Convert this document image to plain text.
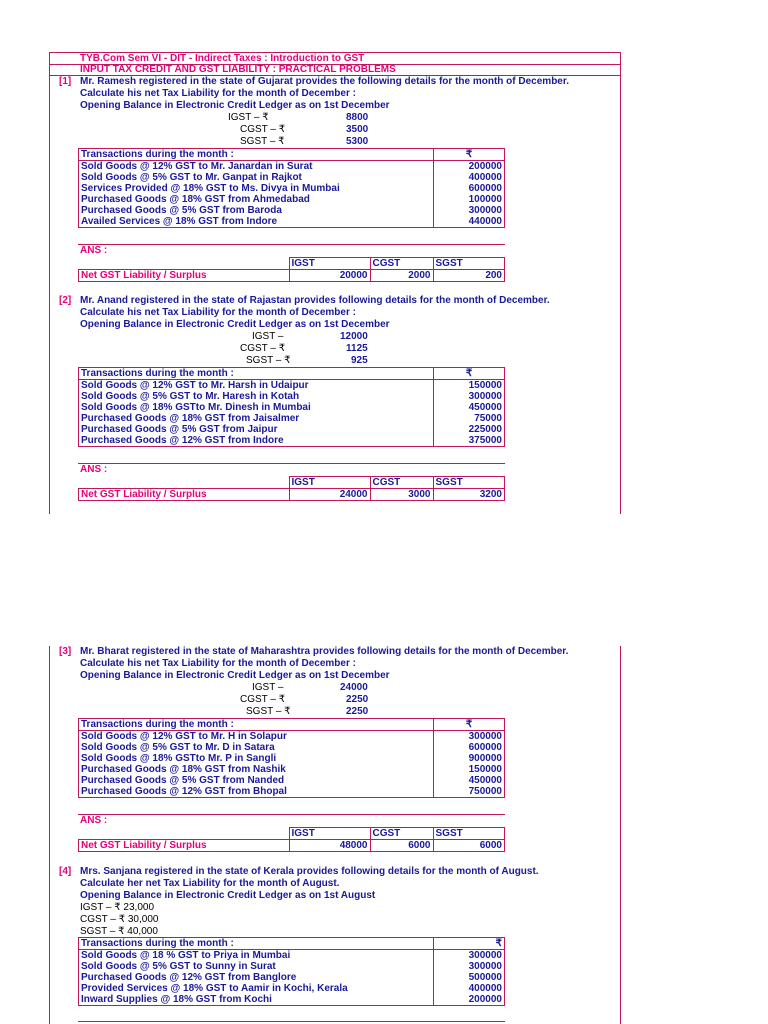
TYB.Com Sem VI - DIT - Indirect Taxes : Introduction to GST
INPUT TAX CREDIT AND GST LIABILITY : PRACTICAL PROBLEMS
[1] Mr. Ramesh registered in the state of Gujarat provides the following details for the month of December.
Calculate his net Tax Liability for the month of December :
Opening Balance in Electronic Credit Ledger as on 1st December
IGST – ₹	8800
CGST – ₹	3500
SGST – ₹	5300
Transactions during the month :	₹
Sold Goods @ 12% GST to Mr. Janardan in Surat	200000
Sold Goods @ 5% GST to Mr. Ganpat in Rajkot	400000
Services Provided @ 18% GST to Ms. Divya in Mumbai	600000
Purchased Goods @ 18% GST from Ahmedabad	100000
Purchased Goods @ 5% GST from Baroda	300000
Availed Services @ 18% GST from Indore	440000
ANS :
	IGST	CGST	SGST
Net GST Liability / Surplus	20000	2000	200
[2] Mr. Anand registered in the state of Rajastan provides following details for the month of December.
Calculate his net Tax Liability for the month of December :
Opening Balance in Electronic Credit Ledger as on 1st December
IGST –	12000
CGST – ₹	1125
SGST – ₹	925
Transactions during the month :	₹
Sold Goods @ 12% GST to Mr. Harsh in Udaipur	150000
Sold Goods @ 5% GST to Mr. Haresh in Kotah	300000
Sold Goods @ 18% GSTto Mr. Dinesh in Mumbai	450000
Purchased Goods @ 18% GST from Jaisalmer	75000
Purchased Goods @ 5% GST from Jaipur	225000
Purchased Goods @ 12% GST from Indore	375000
ANS :
	IGST	CGST	SGST
Net GST Liability / Surplus	24000	3000	3200
[3] Mr. Bharat registered in the state of Maharashtra provides following details for the month of December.
Calculate his net Tax Liability for the month of December :
Opening Balance in Electronic Credit Ledger as on 1st December
IGST –	24000
CGST – ₹	2250
SGST – ₹	2250
Transactions during the month :	₹
Sold Goods @ 12% GST to Mr. H in Solapur	300000
Sold Goods @ 5% GST to Mr. D in Satara	600000
Sold Goods @ 18% GSTto Mr. P in Sangli	900000
Purchased Goods @ 18% GST from Nashik	150000
Purchased Goods @ 5% GST from Nanded	450000
Purchased Goods @ 12% GST from Bhopal	750000
ANS :
	IGST	CGST	SGST
Net GST Liability / Surplus	48000	6000	6000
[4] Mrs. Sanjana registered in the state of Kerala provides following details for the month of August.
Calculate her net Tax Liability for the month of August.
Opening Balance in Electronic Credit Ledger as on 1st August
IGST – ₹ 23,000
CGST – ₹ 30,000
SGST – ₹ 40,000
Transactions during the month :	₹
Sold Goods @ 18 % GST to Priya in Mumbai	300000
Sold Goods @ 5% GST to Sunny in Surat	300000
Purchased Goods @ 12% GST from Banglore	500000
Provided Services @ 18% GST to Aamir in Kochi, Kerala	400000
Inward Supplies @ 18% GST from Kochi	200000
